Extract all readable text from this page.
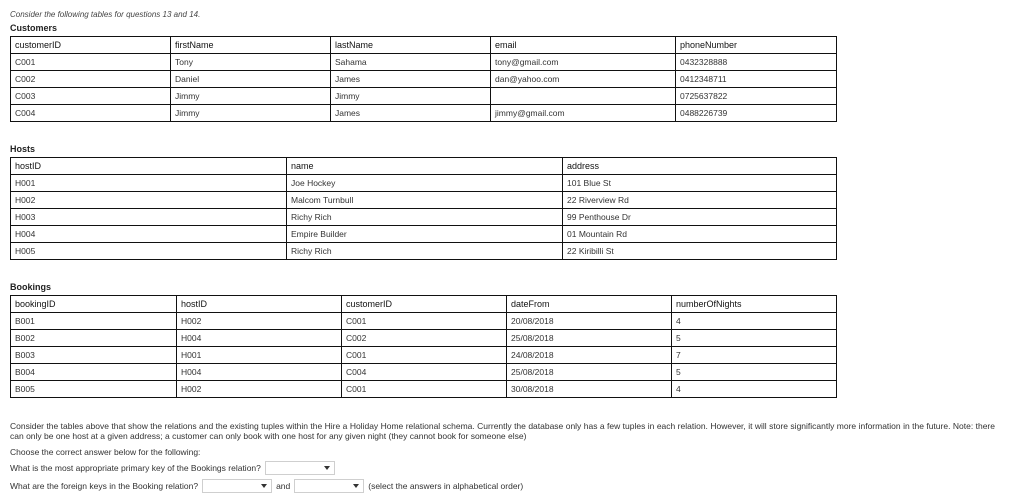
Consider the following tables for questions 13 and 14.
Customers
customerID	firstName	lastName	email	phoneNumber
C001	Tony	Sahama	tony@gmail.com	0432328888
C002	Daniel	James	dan@yahoo.com	0412348711
C003	Jimmy	Jimmy		0725637822
C004	Jimmy	James	jimmy@gmail.com	0488226739
Hosts
hostID	name	address
H001	Joe Hockey	101 Blue St
H002	Malcom Turnbull	22 Riverview Rd
H003	Richy Rich	99 Penthouse Dr
H004	Empire Builder	01 Mountain Rd
H005	Richy Rich	22 Kiribilli St
Bookings
bookingID	hostID	customerID	dateFrom	numberOfNights
B001	H002	C001	20/08/2018	4
B002	H004	C002	25/08/2018	5
B003	H001	C001	24/08/2018	7
B004	H004	C004	25/08/2018	5
B005	H002	C001	30/08/2018	4
Consider the tables above that show the relations and the existing tuples within the Hire a Holiday Home relational schema. Currently the database only has a few tuples in each relation. However, it will store significantly more information in the future. Note: there can only be one host at a given address; a customer can only book with one host for any given night (they cannot book for someone else)
Choose the correct answer below for the following:
What is the most appropriate primary key of the Bookings relation?
What are the foreign keys in the Booking relation?	and	(select the answers in alphabetical order)
